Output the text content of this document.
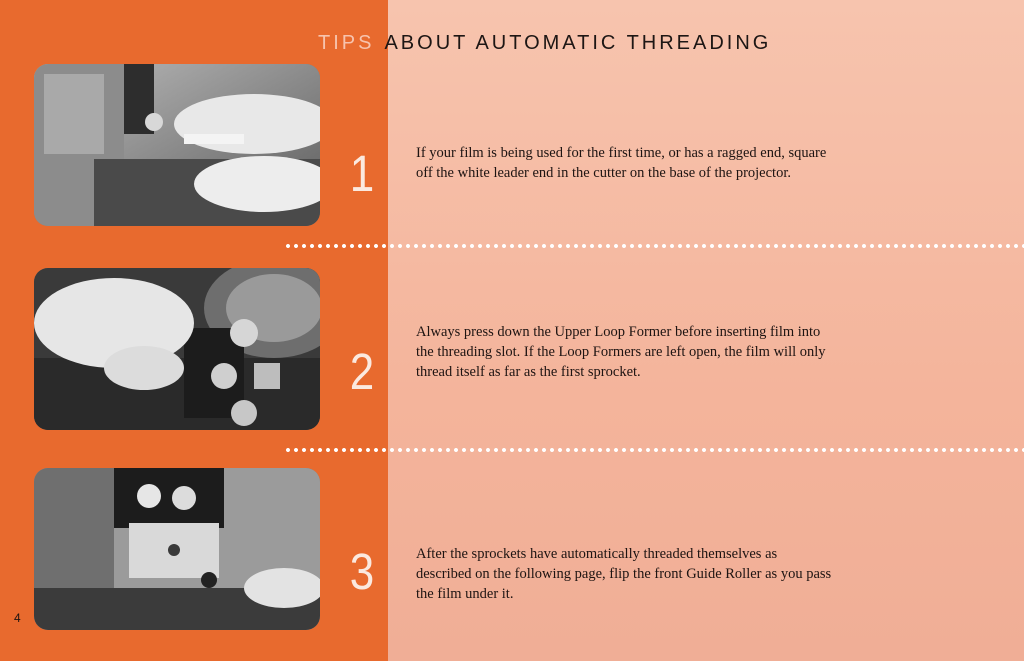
TIPS ABOUT AUTOMATIC THREADING
1
2
3
If your film is being used for the first time, or has a ragged end, square off the white leader end in the cutter on the base of the projector.
Always press down the Upper Loop Former before inserting film into the threading slot. If the Loop Formers are left open, the film will only thread itself as far as the first sprocket.
After the sprockets have automatically threaded themselves as described on the following page, flip the front Guide Roller as you pass the film under it.
4
